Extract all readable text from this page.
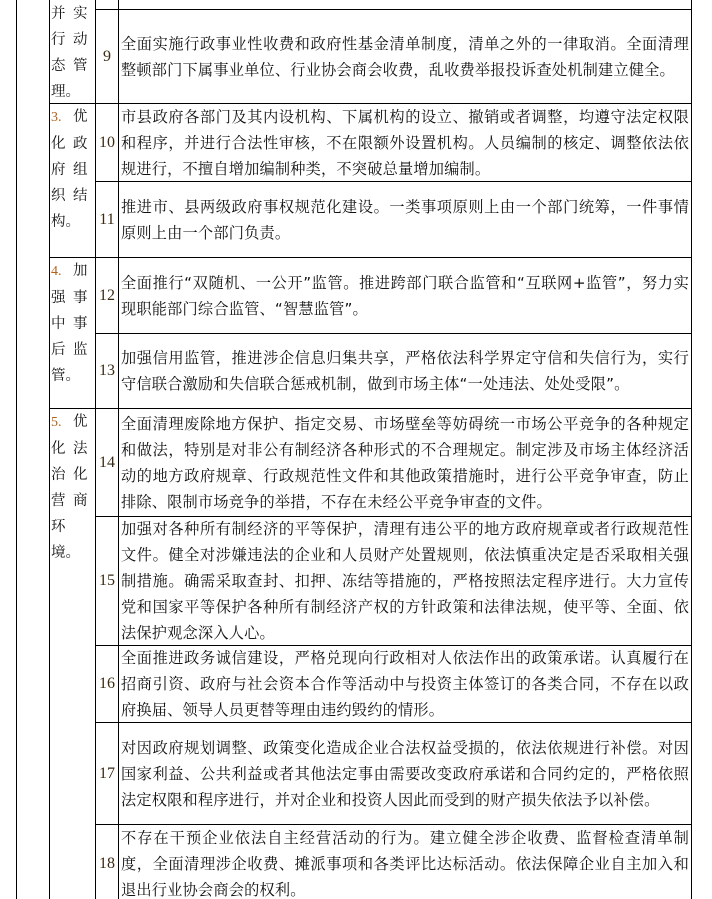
并 实
行 动
态 管
理。
3. 优
化 政
府 组
织 结
构。
4. 加
强 事
中 事
后 监
管。
5. 优
化 法
治 化
营 商
环
境。
9
全面实施行政事业性收费和政府性基金清单制度，清单之外的一律取消。全面清理整顿部门下属事业单位、行业协会商会收费，乱收费举报投诉查处机制建立健全。
10
市县政府各部门及其内设机构、下属机构的设立、撤销或者调整，均遵守法定权限和程序，并进行合法性审核，不在限额外设置机构。人员编制的核定、调整依法依规进行，不擅自增加编制种类，不突破总量增加编制。
11
推进市、县两级政府事权规范化建设。一类事项原则上由一个部门统筹，一件事情原则上由一个部门负责。
12
全面推行“双随机、一公开”监管。推进跨部门联合监管和“互联网+监管”，努力实现职能部门综合监管、“智慧监管”。
13
加强信用监管，推进涉企信息归集共享，严格依法科学界定守信和失信行为，实行守信联合激励和失信联合惩戒机制，做到市场主体“一处违法、处处受限”。
14
全面清理废除地方保护、指定交易、市场壁垒等妨碍统一市场公平竞争的各种规定和做法，特别是对非公有制经济各种形式的不合理规定。制定涉及市场主体经济活动的地方政府规章、行政规范性文件和其他政策措施时，进行公平竞争审查，防止排除、限制市场竞争的举措，不存在未经公平竞争审查的文件。
15
加强对各种所有制经济的平等保护，清理有违公平的地方政府规章或者行政规范性文件。健全对涉嫌违法的企业和人员财产处置规则，依法慎重决定是否采取相关强制措施。确需采取查封、扣押、冻结等措施的，严格按照法定程序进行。大力宣传党和国家平等保护各种所有制经济产权的方针政策和法律法规，使平等、全面、依法保护观念深入人心。
16
全面推进政务诚信建设，严格兑现向行政相对人依法作出的政策承诺。认真履行在招商引资、政府与社会资本合作等活动中与投资主体签订的各类合同，不存在以政府换届、领导人员更替等理由违约毁约的情形。
17
对因政府规划调整、政策变化造成企业合法权益受损的，依法依规进行补偿。对因国家利益、公共利益或者其他法定事由需要改变政府承诺和合同约定的，严格依照法定权限和程序进行，并对企业和投资人因此而受到的财产损失依法予以补偿。
18
不存在干预企业依法自主经营活动的行为。建立健全涉企收费、监督检查清单制度，全面清理涉企收费、摊派事项和各类评比达标活动。依法保障企业自主加入和退出行业协会商会的权利。
